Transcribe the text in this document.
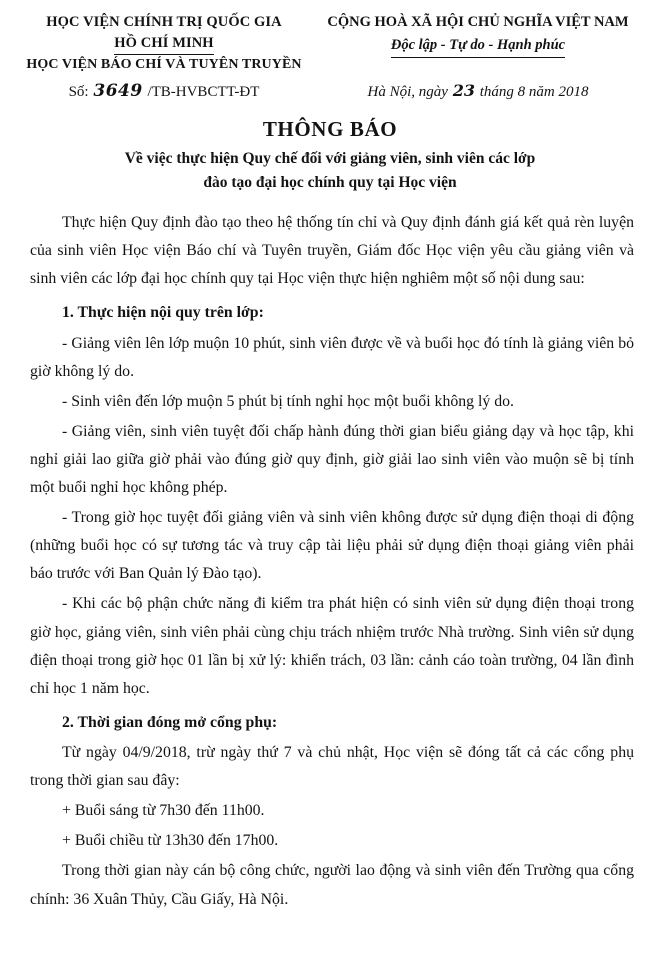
HỌC VIỆN CHÍNH TRỊ QUỐC GIA
HỒ CHÍ MINH
HỌC VIỆN BÁO CHÍ VÀ TUYÊN TRUYỀN
CỘNG HOÀ XÃ HỘI CHỦ NGHĨA VIỆT NAM
Độc lập - Tự do - Hạnh phúc
Số: 3649 /TB-HVBCTT-ĐT	Hà Nội, ngày 23 tháng 8 năm 2018
THÔNG BÁO
Về việc thực hiện Quy chế đối với giảng viên, sinh viên các lớp
đào tạo đại học chính quy tại Học viện

Thực hiện Quy định đào tạo theo hệ thống tín chỉ và Quy định đánh giá kết quả rèn luyện của sinh viên Học viện Báo chí và Tuyên truyền, Giám đốc Học viện yêu cầu giảng viên và sinh viên các lớp đại học chính quy tại Học viện thực hiện nghiêm một số nội dung sau:

1. Thực hiện nội quy trên lớp:

- Giảng viên lên lớp muộn 10 phút, sinh viên được về và buổi học đó tính là giảng viên bỏ giờ không lý do.

- Sinh viên đến lớp muộn 5 phút bị tính nghỉ học một buổi không lý do.

- Giảng viên, sinh viên tuyệt đối chấp hành đúng thời gian biểu giảng dạy và học tập, khi nghỉ giải lao giữa giờ phải vào đúng giờ quy định, giờ giải lao sinh viên vào muộn sẽ bị tính một buổi nghỉ học không phép.

- Trong giờ học tuyệt đối giảng viên và sinh viên không được sử dụng điện thoại di động (những buổi học có sự tương tác và truy cập tài liệu phải sử dụng điện thoại giảng viên phải báo trước với Ban Quản lý Đào tạo).

- Khi các bộ phận chức năng đi kiểm tra phát hiện có sinh viên sử dụng điện thoại trong giờ học, giảng viên, sinh viên phải cùng chịu trách nhiệm trước Nhà trường. Sinh viên sử dụng điện thoại trong giờ học 01 lần bị xử lý: khiển trách, 03 lần: cảnh cáo toàn trường, 04 lần đình chỉ học 1 năm học.

2. Thời gian đóng mở cổng phụ:

Từ ngày 04/9/2018, trừ ngày thứ 7 và chủ nhật, Học viện sẽ đóng tất cả các cổng phụ trong thời gian sau đây:

+ Buổi sáng từ 7h30 đến 11h00.

+ Buổi chiều từ 13h30 đến 17h00.

Trong thời gian này cán bộ công chức, người lao động và sinh viên đến Trường qua cổng chính: 36 Xuân Thủy, Cầu Giấy, Hà Nội.
